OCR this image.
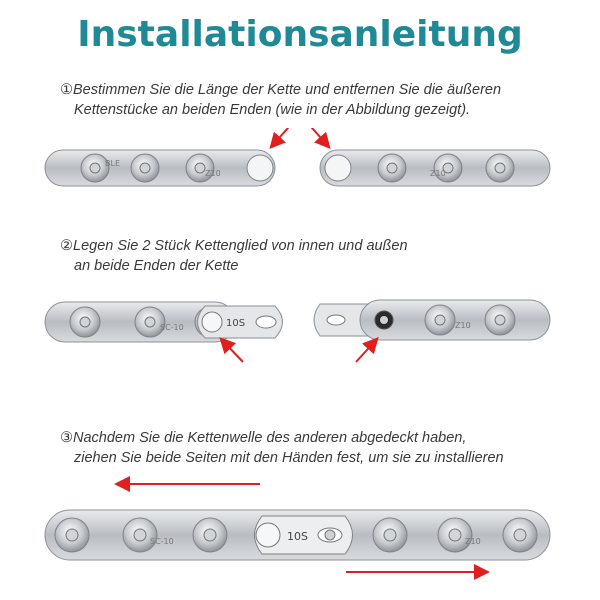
Installationsanleitung
①Bestimmen Sie die Länge der Kette und entfernen Sie die äußeren
Kettenstücke an beiden Enden (wie in der Abbildung gezeigt).
BLE
Z10	Z10
②Legen Sie 2 Stück Kettenglied von innen und außen
an beide Enden der Kette
SC-10	10S	Z10
③Nachdem Sie die Kettenwelle des anderen abgedeckt haben,
ziehen Sie beide Seiten mit den Händen fest, um sie zu installieren
SC-10	Z10
10S
